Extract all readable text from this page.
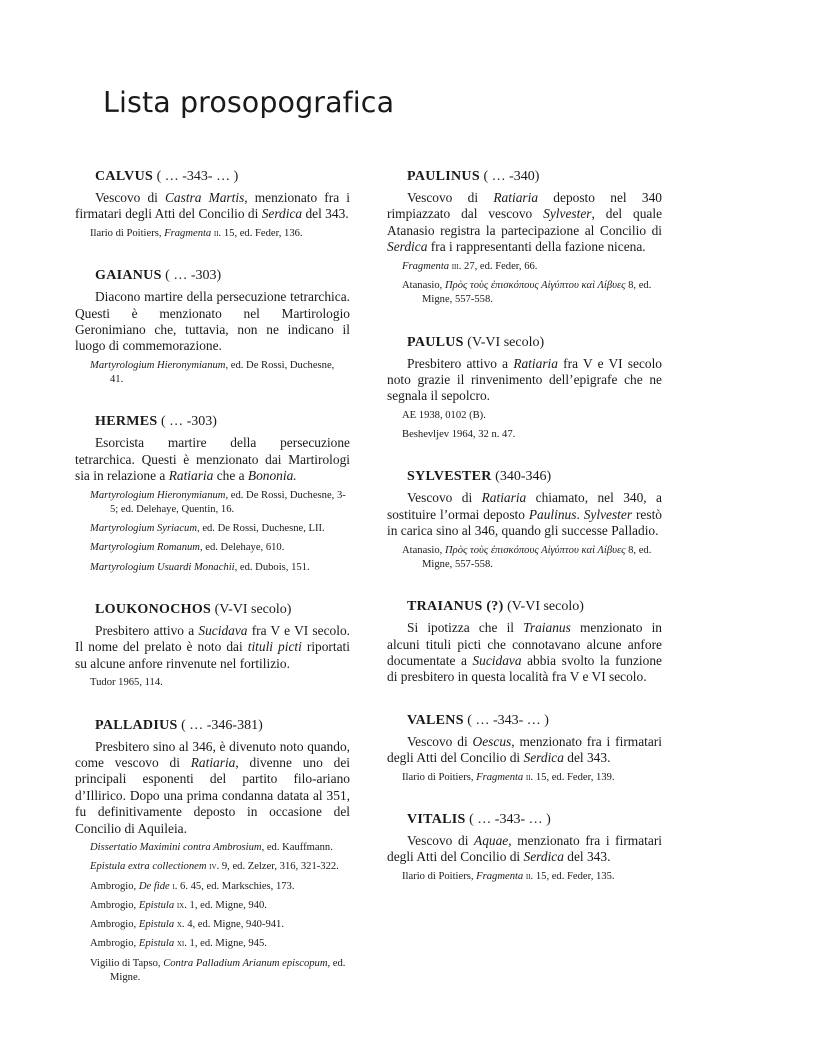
Lista prosopografica
CALVUS ( … -343- … )

Vescovo di Castra Martis, menzionato fra i firmatari degli Atti del Concilio di Serdica del 343.

Ilario di Poitiers, Fragmenta ii. 15, ed. Feder, 136.
GAIANUS ( … -303)

Diacono martire della persecuzione tetrarchica. Questi è menzionato nel Martirologio Geronimiano che, tuttavia, non ne indicano il luogo di commemorazione.

Martyrologium Hieronymianum, ed. De Rossi, Duchesne, 41.
HERMES ( … -303)

Esorcista martire della persecuzione tetrarchica. Questi è menzionato dai Martirologi sia in relazione a Ratiaria che a Bononia.

Martyrologium Hieronymianum, ed. De Rossi, Duchesne, 3-5; ed. Delehaye, Quentin, 16.
Martyrologium Syriacum, ed. De Rossi, Duchesne, LII.
Martyrologium Romanum, ed. Delehaye, 610.
Martyrologium Usuardi Monachii, ed. Dubois, 151.
LOUKONOCHOS (V-VI secolo)

Presbitero attivo a Sucidava fra V e VI secolo. Il nome del prelato è noto dai tituli picti riportati su alcune anfore rinvenute nel fortilizio.

Tudor 1965, 114.
PALLADIUS ( … -346-381)

Presbitero sino al 346, è divenuto noto quando, come vescovo di Ratiaria, divenne uno dei principali esponenti del partito filo-ariano d’Illirico. Dopo una prima condanna datata al 351, fu definitivamente deposto in occasione del Concilio di Aquileia.

Dissertatio Maximini contra Ambrosium, ed. Kauffmann.
Epistula extra collectionem iv. 9, ed. Zelzer, 316, 321-322.
Ambrogio, De fide i. 6. 45, ed. Markschies, 173.
Ambrogio, Epistula ix. 1, ed. Migne, 940.
Ambrogio, Epistula x. 4, ed. Migne, 940-941.
Ambrogio, Epistula xi. 1, ed. Migne, 945.
Vigilio di Tapso, Contra Palladium Arianum episcopum, ed. Migne.
PAULINUS ( … -340)

Vescovo di Ratiaria deposto nel 340 rimpiazzato dal vescovo Sylvester, del quale Atanasio registra la partecipazione al Concilio di Serdica fra i rappresentanti della fazione nicena.

Fragmenta iii. 27, ed. Feder, 66.
Atanasio, Πρὸς τοὺς ἐπισκόπους Αἰγύπτου καὶ Λίβυες 8, ed. Migne, 557-558.
PAULUS (V-VI secolo)

Presbitero attivo a Ratiaria fra V e VI secolo noto grazie il rinvenimento dell’epigrafe che ne segnala il sepolcro.

AE 1938, 0102 (B).
Beshevljev 1964, 32 n. 47.
SYLVESTER (340-346)

Vescovo di Ratiaria chiamato, nel 340, a sostituire l’ormai deposto Paulinus. Sylvester restò in carica sino al 346, quando gli successe Palladio.

Atanasio, Πρὸς τοὺς ἐπισκόπους Αἰγύπτου καὶ Λίβυες 8, ed. Migne, 557-558.
TRAIANUS (?) (V-VI secolo)

Si ipotizza che il Traianus menzionato in alcuni tituli picti che connotavano alcune anfore documentate a Sucidava abbia svolto la funzione di presbitero in questa località fra V e VI secolo.

VALENS ( … -343- … )

Vescovo di Oescus, menzionato fra i firmatari degli Atti del Concilio di Serdica del 343.

Ilario di Poitiers, Fragmenta ii. 15, ed. Feder, 139.
VITALIS ( … -343- … )

Vescovo di Aquae, menzionato fra i firmatari degli Atti del Concilio di Serdica del 343.

Ilario di Poitiers, Fragmenta ii. 15, ed. Feder, 135.
